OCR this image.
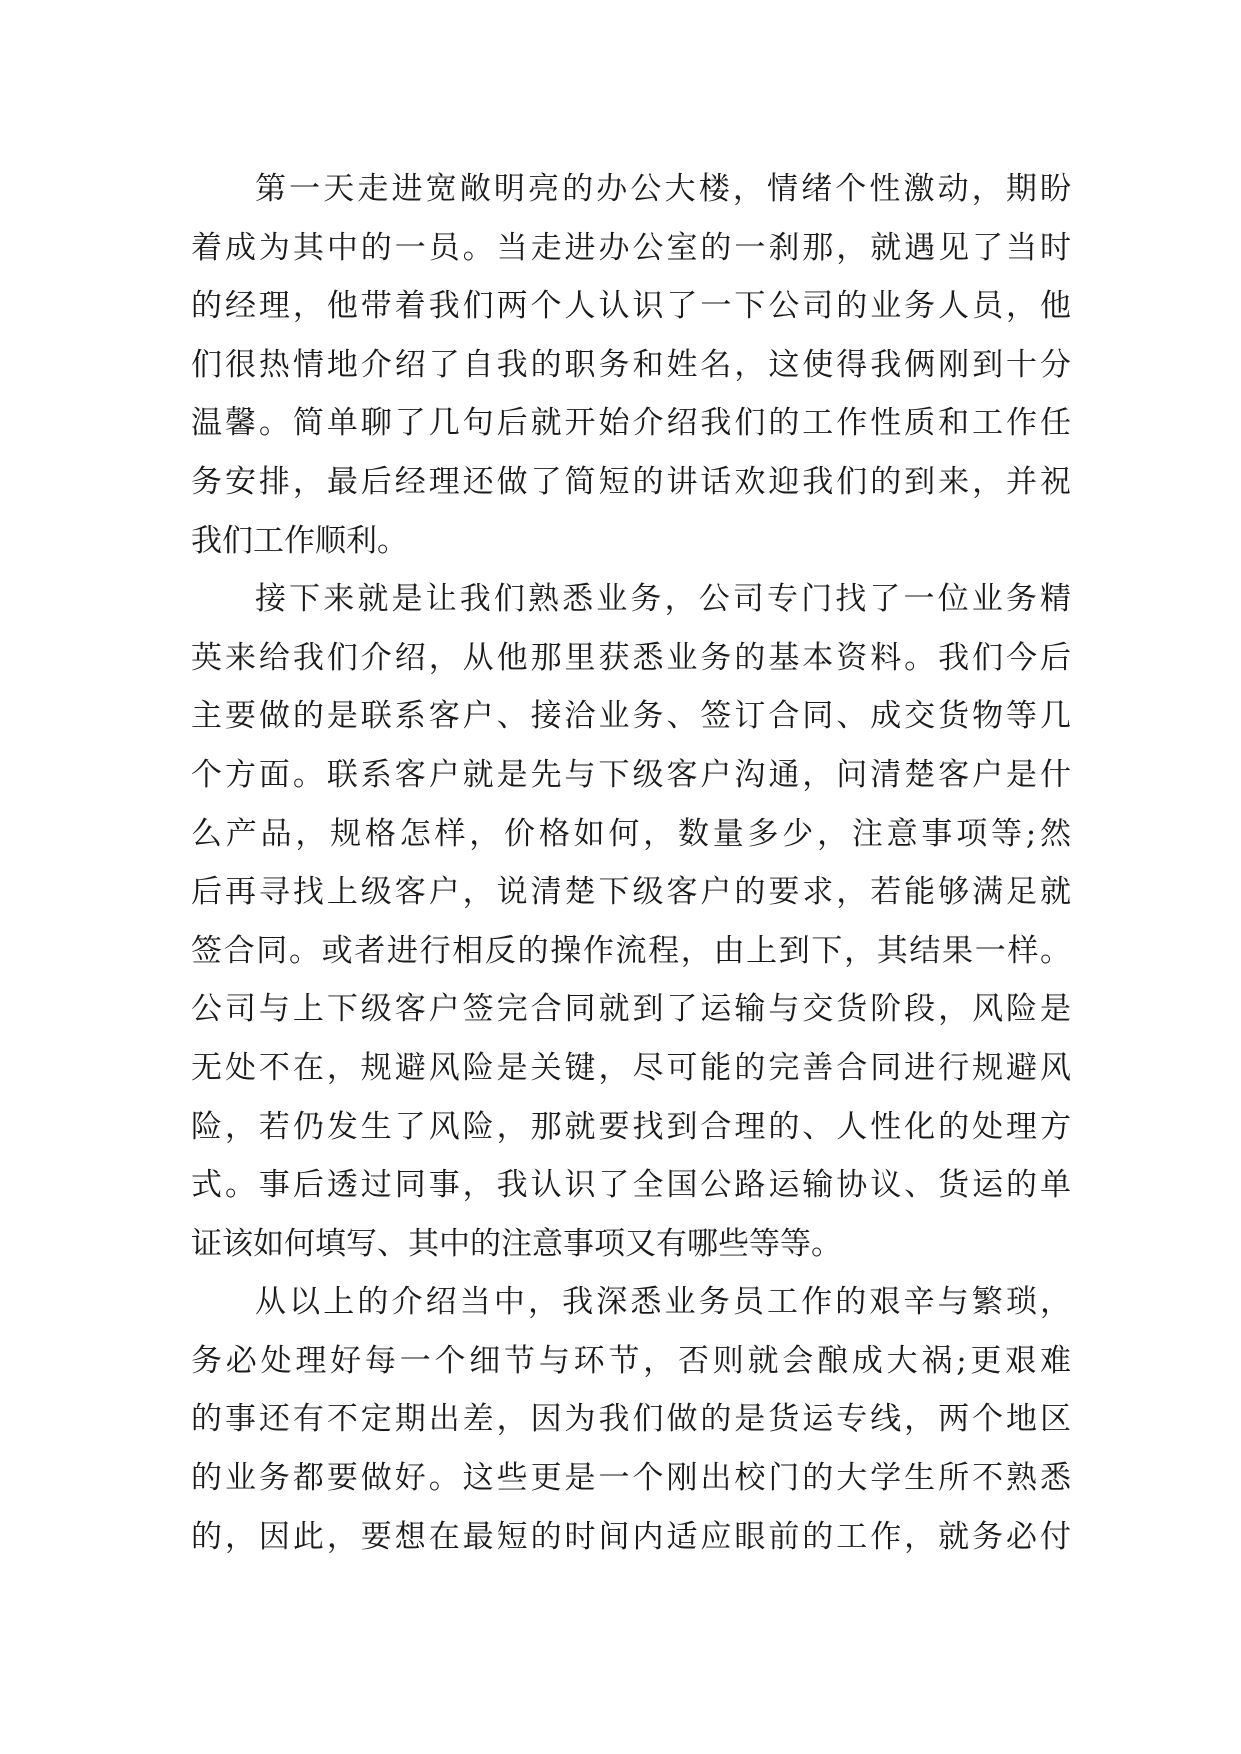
第一天走进宽敞明亮的办公大楼，情绪个性激动，期盼
着成为其中的一员。当走进办公室的一刹那，就遇见了当时
的经理，他带着我们两个人认识了一下公司的业务人员，他
们很热情地介绍了自我的职务和姓名，这使得我俩刚到十分
温馨。简单聊了几句后就开始介绍我们的工作性质和工作任
务安排，最后经理还做了简短的讲话欢迎我们的到来，并祝
我们工作顺利。
接下来就是让我们熟悉业务，公司专门找了一位业务精
英来给我们介绍，从他那里获悉业务的基本资料。我们今后
主要做的是联系客户、接洽业务、签订合同、成交货物等几
个方面。联系客户就是先与下级客户沟通，问清楚客户是什
么产品，规格怎样，价格如何，数量多少，注意事项等;然
后再寻找上级客户，说清楚下级客户的要求，若能够满足就
签合同。或者进行相反的操作流程，由上到下，其结果一样。
公司与上下级客户签完合同就到了运输与交货阶段，风险是
无处不在，规避风险是关键，尽可能的完善合同进行规避风
险，若仍发生了风险，那就要找到合理的、人性化的处理方
式。事后透过同事，我认识了全国公路运输协议、货运的单
证该如何填写、其中的注意事项又有哪些等等。
从以上的介绍当中，我深悉业务员工作的艰辛与繁琐，
务必处理好每一个细节与环节，否则就会酿成大祸;更艰难
的事还有不定期出差，因为我们做的是货运专线，两个地区
的业务都要做好。这些更是一个刚出校门的大学生所不熟悉
的，因此，要想在最短的时间内适应眼前的工作，就务必付
